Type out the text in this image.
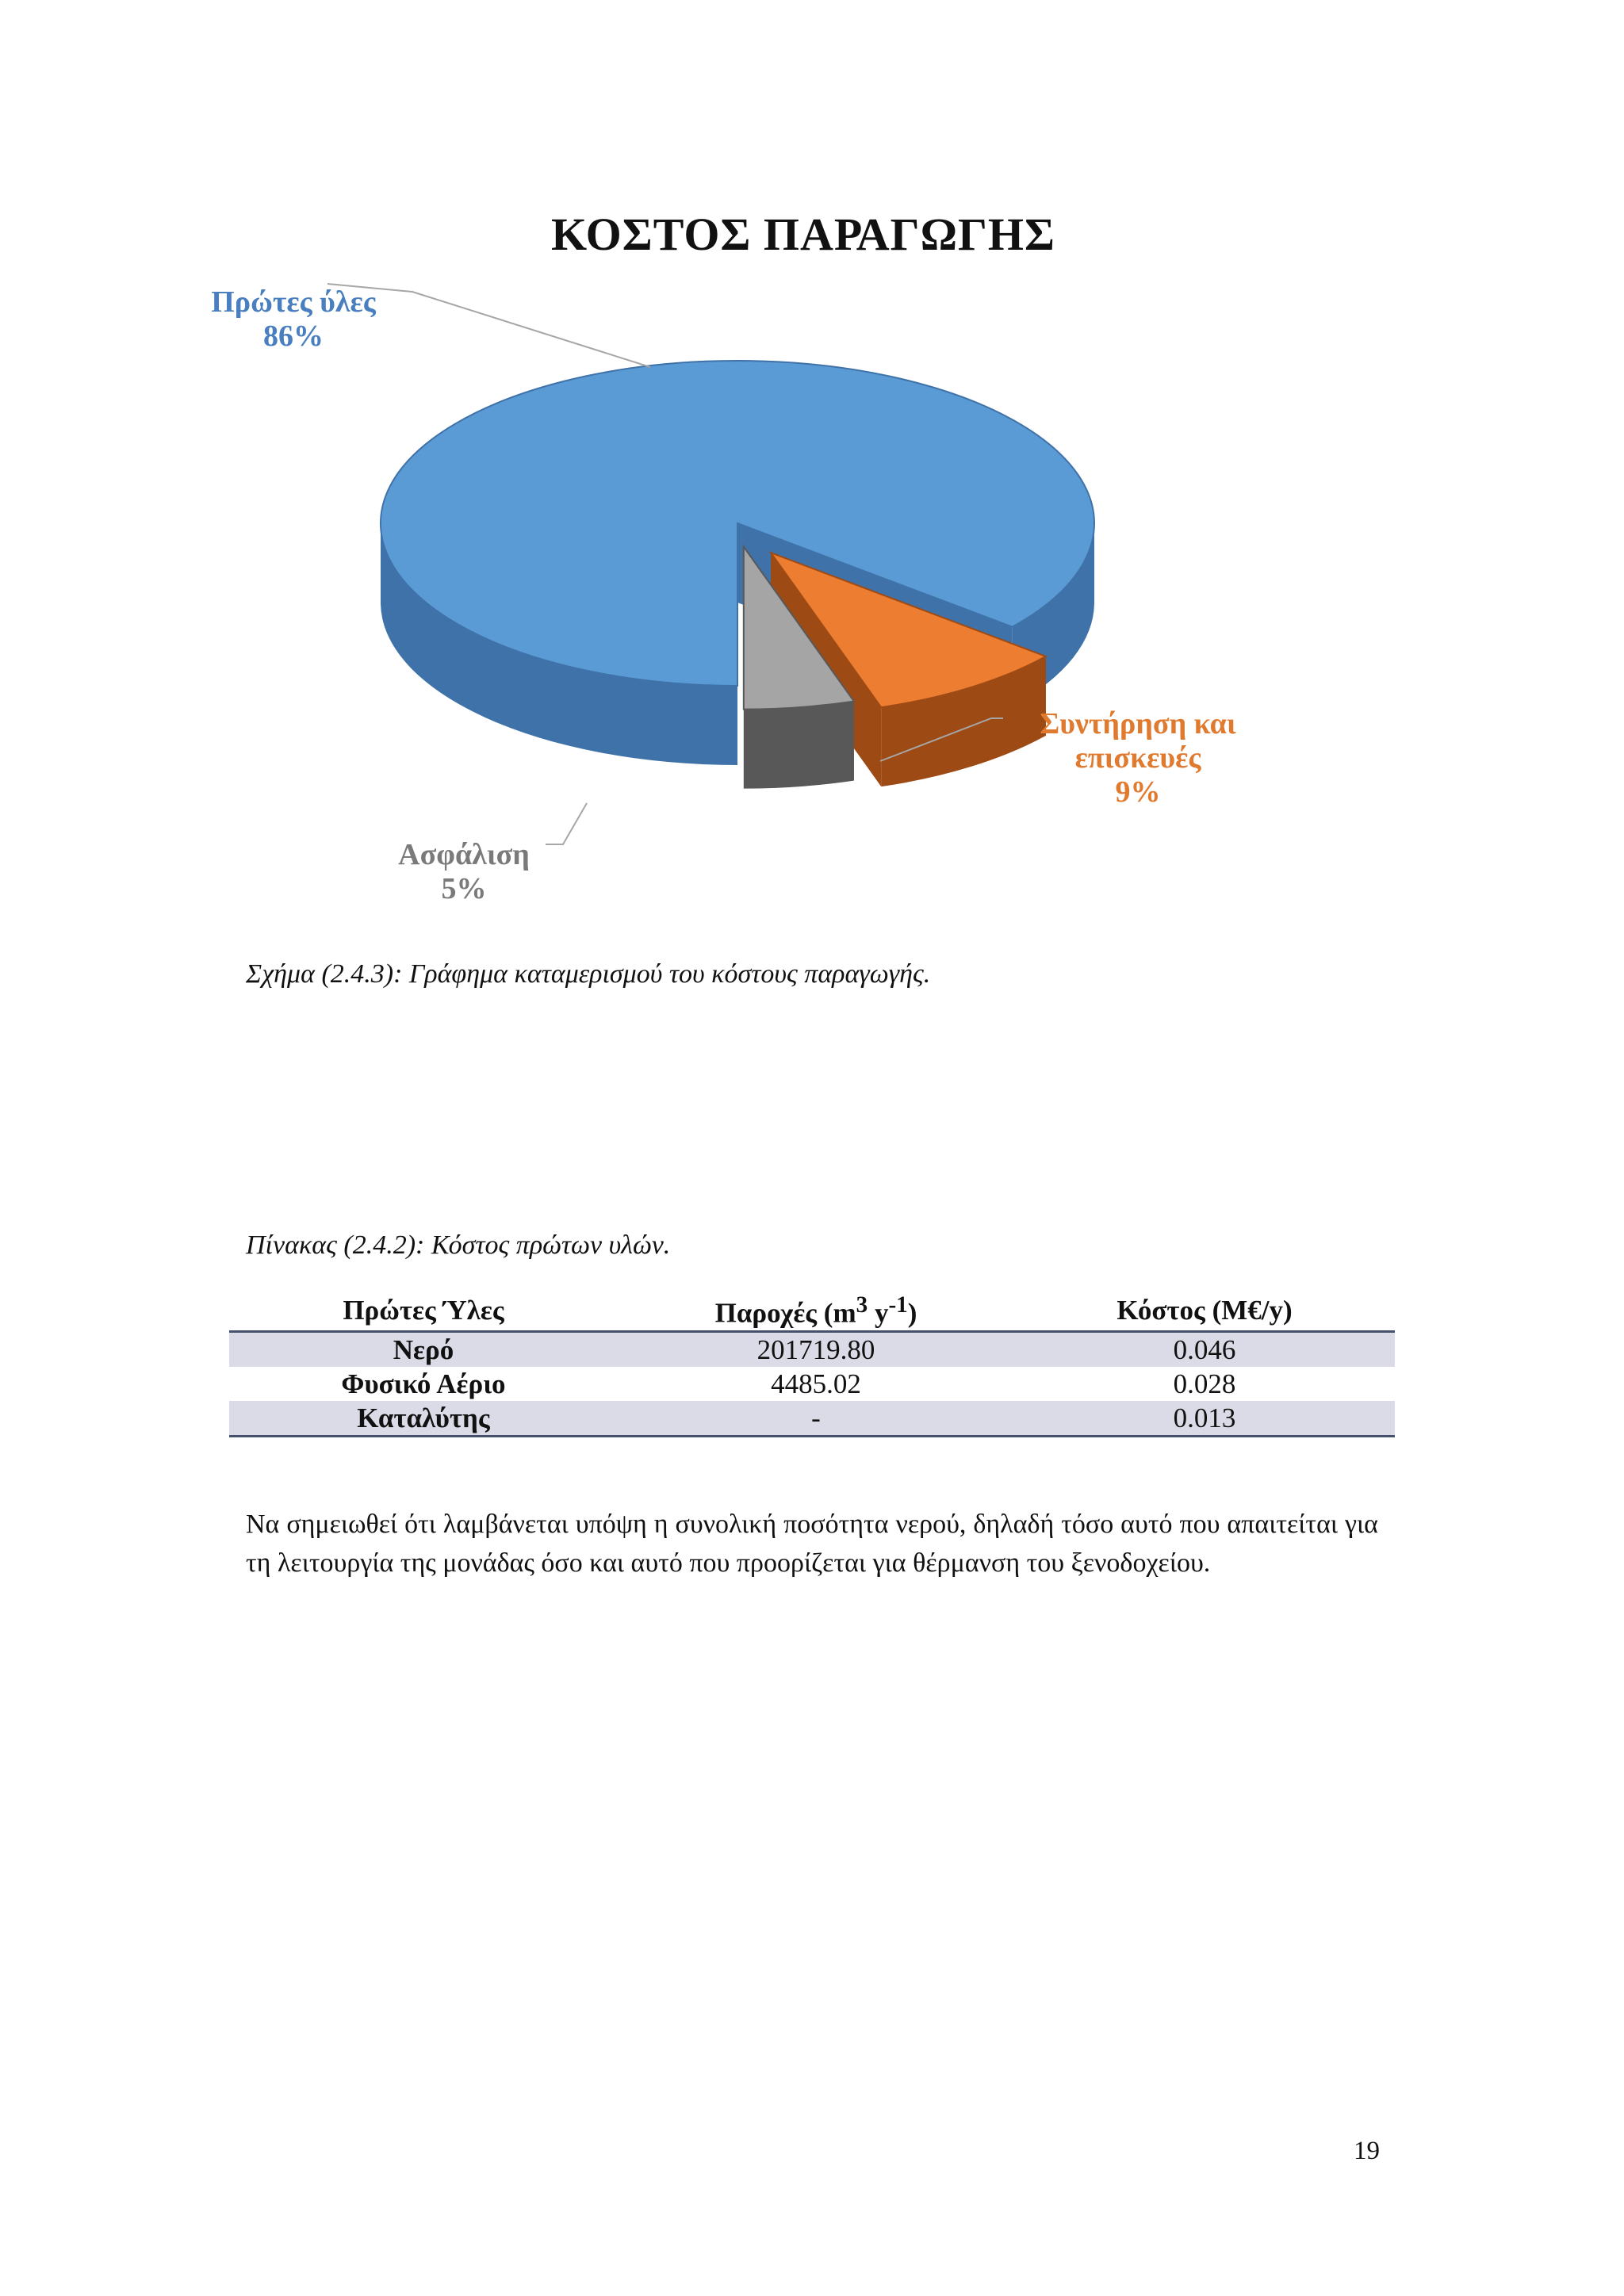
ΚΟΣΤΟΣ ΠΑΡΑΓΩΓΗΣ
Πρώτες ύλες 86%
Συντήρηση και επισκευές 9%
Ασφάλιση 5%

Σχήμα (2.4.3): Γράφημα καταμερισμού του κόστους παραγωγής.

Πίνακας (2.4.2): Κόστος πρώτων υλών.

Πρώτες Ύλες	Παροχές ($m^3$ $y^{-1}$)	Κόστος (Μ€/y)
Νερό	201719.80	0.046
Φυσικό Αέριο	4485.02	0.028
Καταλύτης	-	0.013

Να σημειωθεί ότι λαμβάνεται υπόψη η συνολική ποσότητα νερού, δηλαδή τόσο αυτό που απαιτείται για τη λειτουργία της μονάδας όσο και αυτό που προορίζεται για θέρμανση του ξενοδοχείου.

19
